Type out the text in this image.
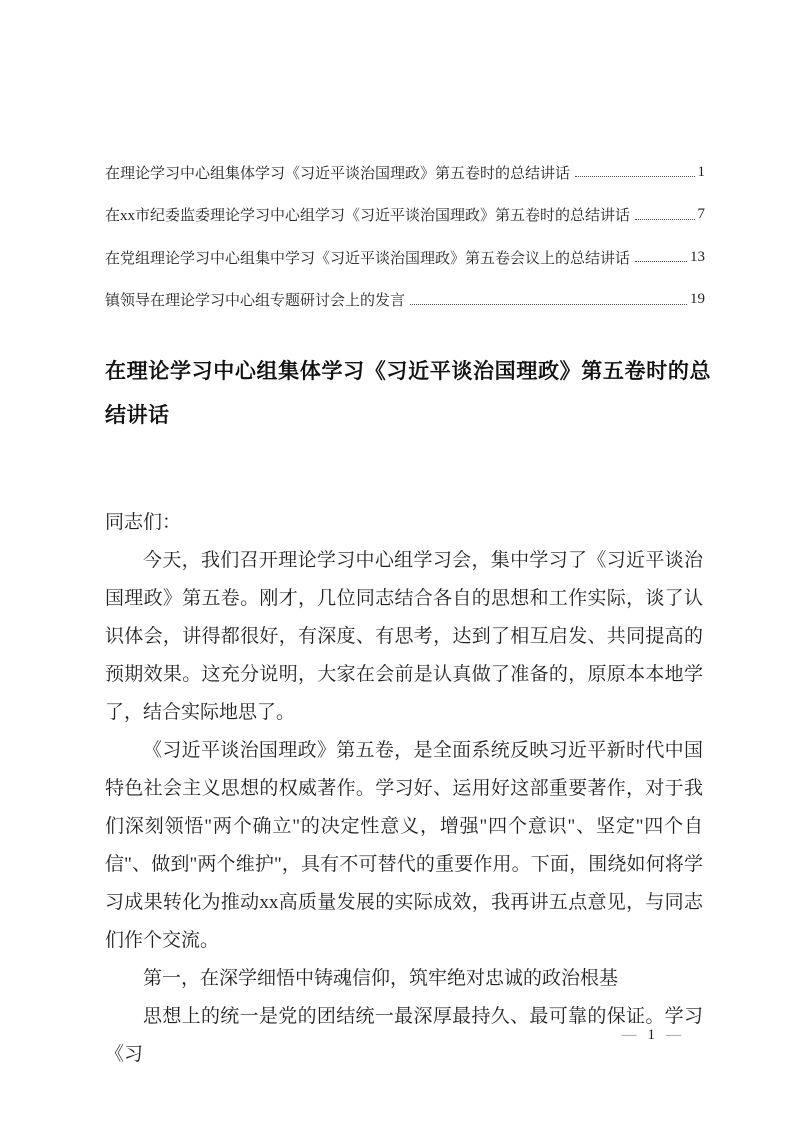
在理论学习中心组集体学习《习近平谈治国理政》第五卷时的总结讲话	1
在xx市纪委监委理论学习中心组学习《习近平谈治国理政》第五卷时的总结讲话	7
在党组理论学习中心组集中学习《习近平谈治国理政》第五卷会议上的总结讲话	13
镇领导在理论学习中心组专题研讨会上的发言	19
在理论学习中心组集体学习《习近平谈治国理政》第五卷时的总结讲话

同志们：

今天，我们召开理论学习中心组学习会，集中学习了《习近平谈治国理政》第五卷。刚才，几位同志结合各自的思想和工作实际，谈了认识体会，讲得都很好，有深度、有思考，达到了相互启发、共同提高的预期效果。这充分说明，大家在会前是认真做了准备的，原原本本地学了，结合实际地思了。

《习近平谈治国理政》第五卷，是全面系统反映习近平新时代中国特色社会主义思想的权威著作。学习好、运用好这部重要著作，对于我们深刻领悟"两个确立"的决定性意义，增强"四个意识"、坚定"四个自信"、做到"两个维护"，具有不可替代的重要作用。下面，围绕如何将学习成果转化为推动xx高质量发展的实际成效，我再讲五点意见，与同志们作个交流。

第一，在深学细悟中铸魂信仰，筑牢绝对忠诚的政治根基

思想上的统一是党的团结统一最深厚最持久、最可靠的保证。学习《习

— 1 —
